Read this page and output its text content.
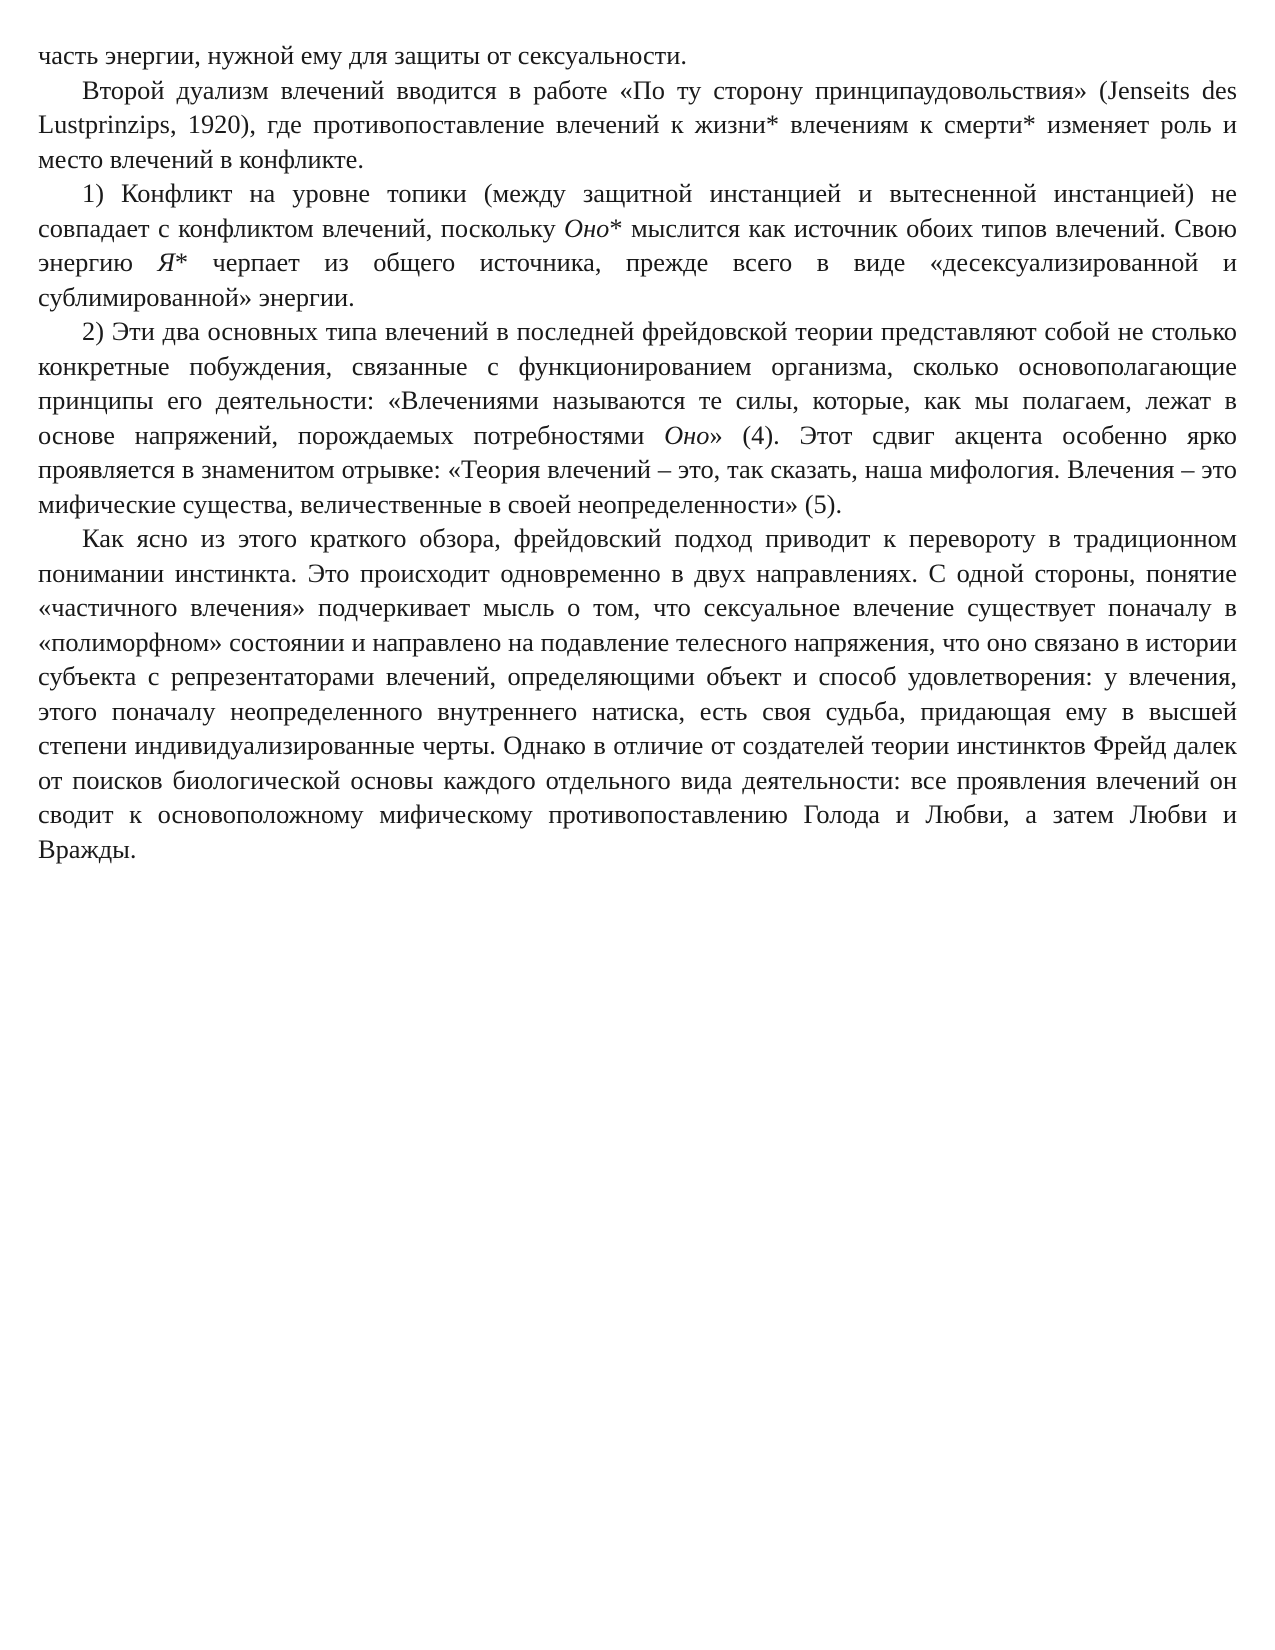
часть энергии, нужной ему для защиты от сексуальности.

Второй дуализм влечений вводится в работе «По ту сторону принципаудовольствия» (Jenseits des Lustprinzips, 1920), где противопоставление влечений к жизни* влечениям к смерти* изменяет роль и место влечений в конфликте.

1) Конфликт на уровне топики (между защитной инстанцией и вытесненной инстанцией) не совпадает с конфликтом влечений, поскольку Оно* мыслится как источник обоих типов влечений. Свою энергию Я* черпает из общего источника, прежде всего в виде «десексуализированной и сублимированной» энергии.

2) Эти два основных типа влечений в последней фрейдовской теории представляют собой не столько конкретные побуждения, связанные с функционированием организма, сколько основополагающие принципы его деятельности: «Влечениями называются те силы, которые, как мы полагаем, лежат в основе напряжений, порождаемых потребностями Оно» (4). Этот сдвиг акцента особенно ярко проявляется в знаменитом отрывке: «Теория влечений – это, так сказать, наша мифология. Влечения – это мифические существа, величественные в своей неопределенности» (5).

Как ясно из этого краткого обзора, фрейдовский подход приводит к перевороту в традиционном понимании инстинкта. Это происходит одновременно в двух направлениях. С одной стороны, понятие «частичного влечения» подчеркивает мысль о том, что сексуальное влечение существует поначалу в «полиморфном» состоянии и направлено на подавление телесного напряжения, что оно связано в истории субъекта с репрезентаторами влечений, определяющими объект и способ удовлетворения: у влечения, этого поначалу неопределенного внутреннего натиска, есть своя судьба, придающая ему в высшей степени индивидуализированные черты. Однако в отличие от создателей теории инстинктов Фрейд далек от поисков биологической основы каждого отдельного вида деятельности: все проявления влечений он сводит к основоположному мифическому противопоставлению Голода и Любви, а затем Любви и Вражды.
